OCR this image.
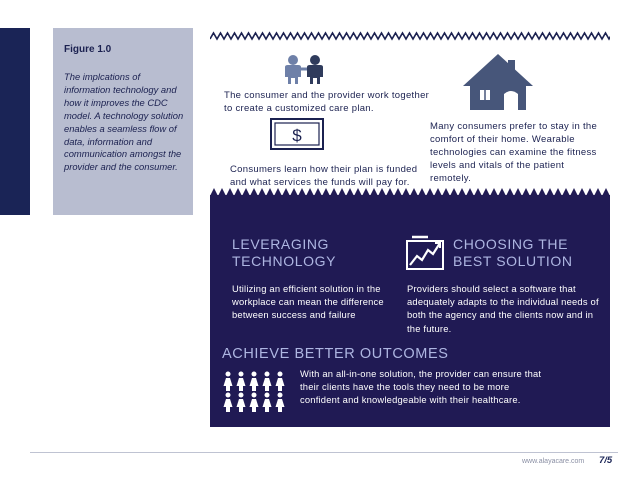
Figure 1.0
The implcations of information technology and how it improves the CDC model. A technology solution enables a seamless flow of data, information and communication amongst the provider and the consumer.
$
The consumer and the provider work together to create a customized care plan.
Consumers learn how their plan is funded and what services the funds will pay for.
Many consumers prefer to stay in the comfort of their home. Wearable technologies can examine the fitness levels and vitals of the patient remotely.
LEVERAGING
TECHNOLOGY
CHOOSING THE
BEST SOLUTION
Utilizing an efficient solution in the workplace can mean the difference between success and failure
Providers should select a software that adequately adapts to the individual needs of both the agency and the clients now and in the future.
ACHIEVE BETTER OUTCOMES
With an all-in-one solution, the provider can ensure that their clients have the tools they need to be more confident and knowledgeable with their healthcare.
www.alayacare.com 7/5
